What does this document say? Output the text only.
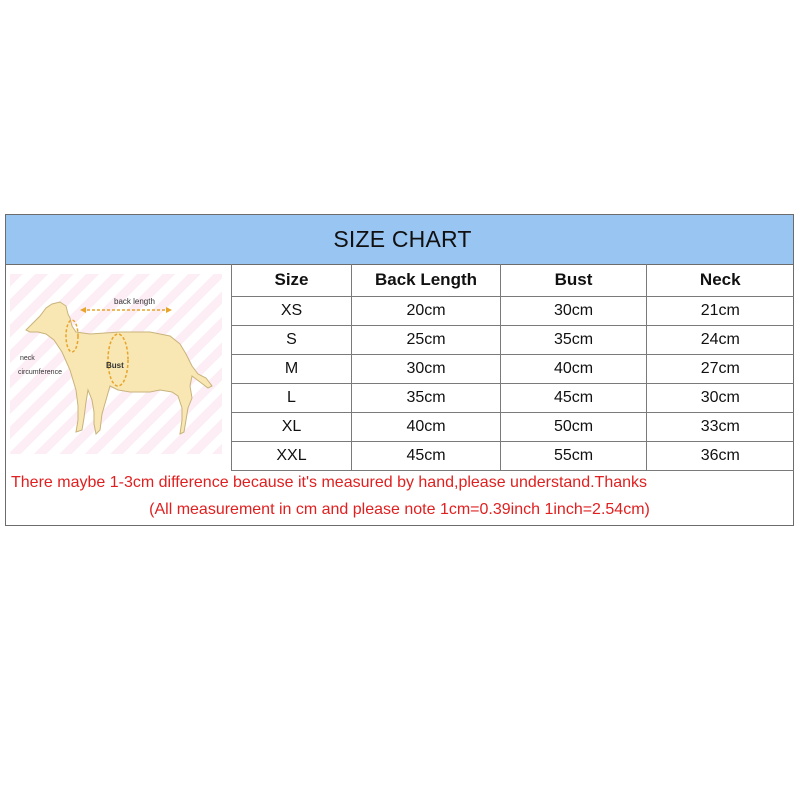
SIZE CHART
back length
neck
circumference
Bust
Size	Back Length	Bust	Neck
XS	20cm	30cm	21cm
S	25cm	35cm	24cm
M	30cm	40cm	27cm
L	35cm	45cm	30cm
XL	40cm	50cm	33cm
XXL	45cm	55cm	36cm
There maybe 1-3cm difference because it's measured by hand,please understand.Thanks
(All measurement in cm and please note 1cm=0.39inch 1inch=2.54cm)
